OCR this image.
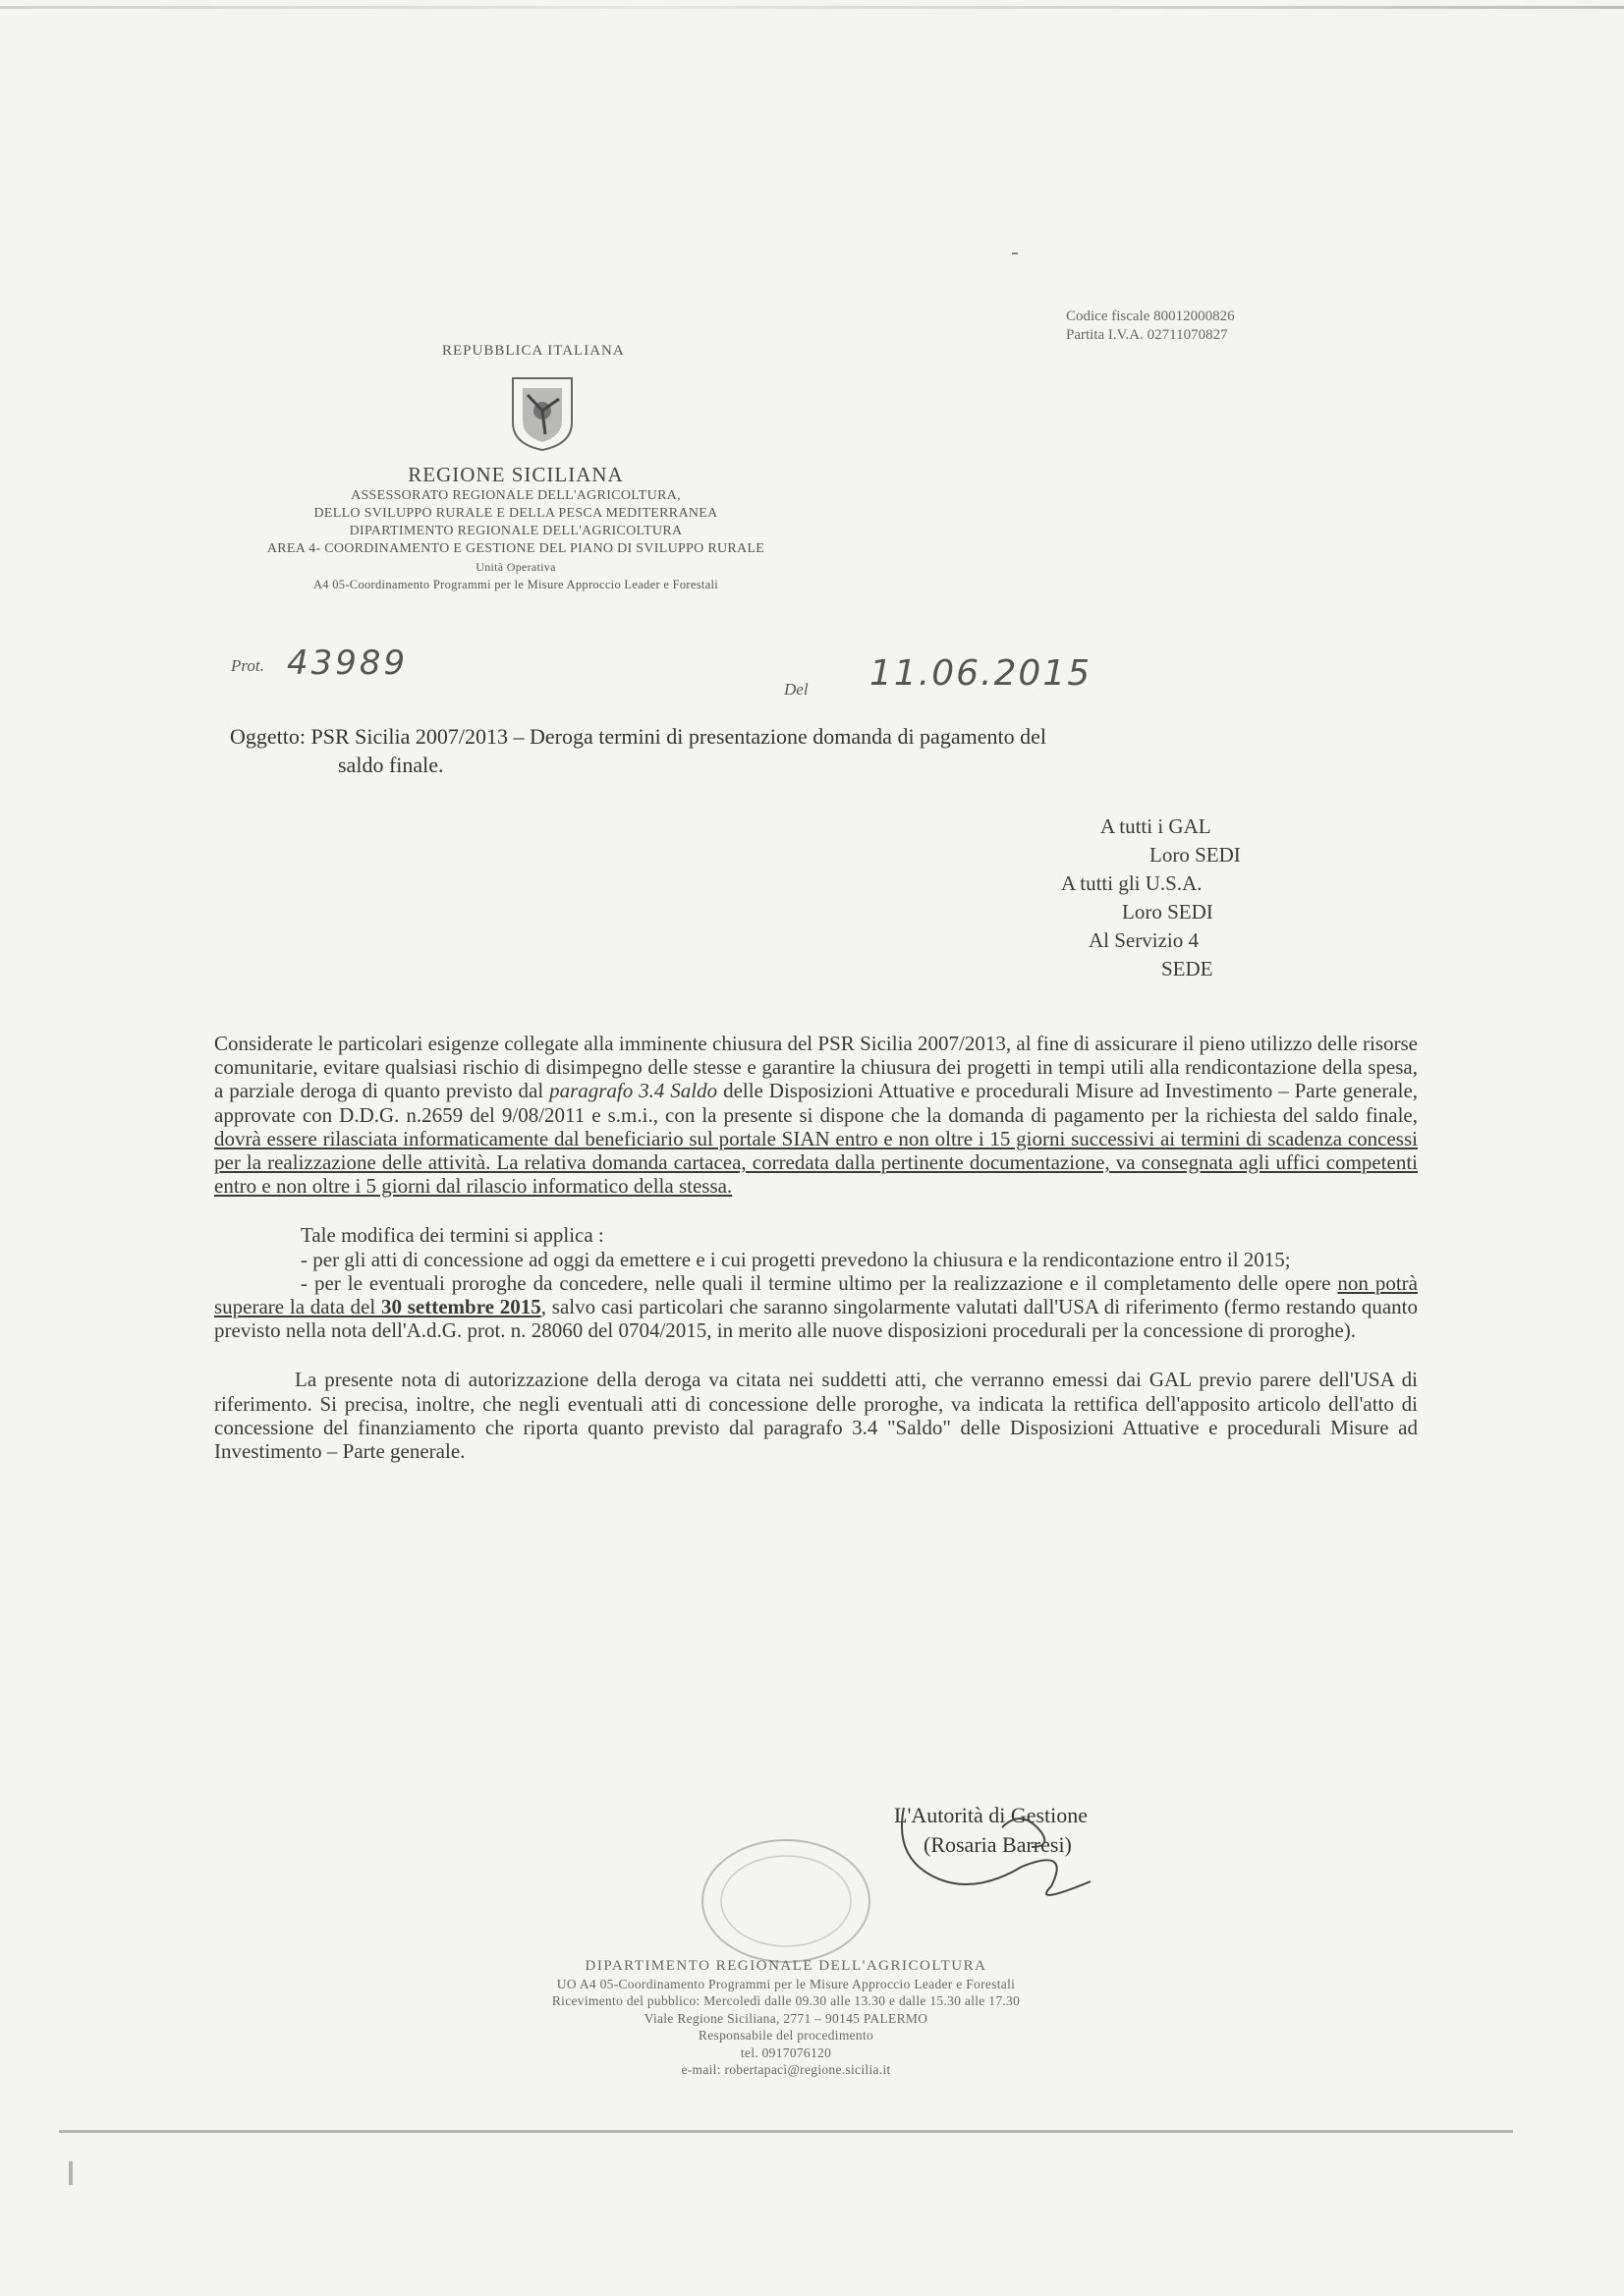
Codice fiscale 80012000826
Partita I.V.A. 02711070827
REPUBBLICA ITALIANA
REGIONE SICILIANA
ASSESSORATO REGIONALE DELL'AGRICOLTURA,
DELLO SVILUPPO RURALE E DELLA PESCA MEDITERRANEA
DIPARTIMENTO REGIONALE DELL'AGRICOLTURA
AREA 4- COORDINAMENTO E GESTIONE DEL PIANO DI SVILUPPO RURALE
Unità Operativa
A4 05-Coordinamento Programmi per le Misure Approccio Leader e Forestali
Prot. 43989
Del 11.06.2015
Oggetto: PSR Sicilia 2007/2013 – Deroga termini di presentazione domanda di pagamento del
saldo finale.
A tutti i GAL
Loro SEDI
A tutti gli U.S.A.
Loro SEDI
Al Servizio 4
SEDE

Considerate le particolari esigenze collegate alla imminente chiusura del PSR Sicilia 2007/2013, al fine di assicurare il pieno utilizzo delle risorse comunitarie, evitare qualsiasi rischio di disimpegno delle stesse e garantire la chiusura dei progetti in tempi utili alla rendicontazione della spesa, a parziale deroga di quanto previsto dal paragrafo 3.4 Saldo delle Disposizioni Attuative e procedurali Misure ad Investimento – Parte generale, approvate con D.D.G. n.2659 del 9/08/2011 e s.m.i., con la presente si dispone che la domanda di pagamento per la richiesta del saldo finale, dovrà essere rilasciata informaticamente dal beneficiario sul portale SIAN entro e non oltre i 15 giorni successivi ai termini di scadenza concessi per la realizzazione delle attività. La relativa domanda cartacea, corredata dalla pertinente documentazione, va consegnata agli uffici competenti entro e non oltre i 5 giorni dal rilascio informatico della stessa.

Tale modifica dei termini si applica :

- per gli atti di concessione ad oggi da emettere e i cui progetti prevedono la chiusura e la rendicontazione entro il 2015;

- per le eventuali proroghe da concedere, nelle quali il termine ultimo per la realizzazione e il completamento delle opere non potrà superare la data del 30 settembre 2015, salvo casi particolari che saranno singolarmente valutati dall'USA di riferimento (fermo restando quanto previsto nella nota dell'A.d.G. prot. n. 28060 del 0704/2015, in merito alle nuove disposizioni procedurali per la concessione di proroghe).

La presente nota di autorizzazione della deroga va citata nei suddetti atti, che verranno emessi dai GAL previo parere dell'USA di riferimento. Si precisa, inoltre, che negli eventuali atti di concessione delle proroghe, va indicata la rettifica dell'apposito articolo dell'atto di concessione del finanziamento che riporta quanto previsto dal paragrafo 3.4 "Saldo" delle Disposizioni Attuative e procedurali Misure ad Investimento – Parte generale.

L'Autorità di Gestione
(Rosaria Barresi)
DIPARTIMENTO REGIONALE DELL'AGRICOLTURA
UO A4 05-Coordinamento Programmi per le Misure Approccio Leader e Forestali
Ricevimento del pubblico: Mercoledì dalle 09.30 alle 13.30 e dalle 15.30 alle 17.30
Viale Regione Siciliana, 2771 – 90145 PALERMO
Responsabile del procedimento
tel. 0917076120
e-mail: robertapacì@regione.sicilia.it
